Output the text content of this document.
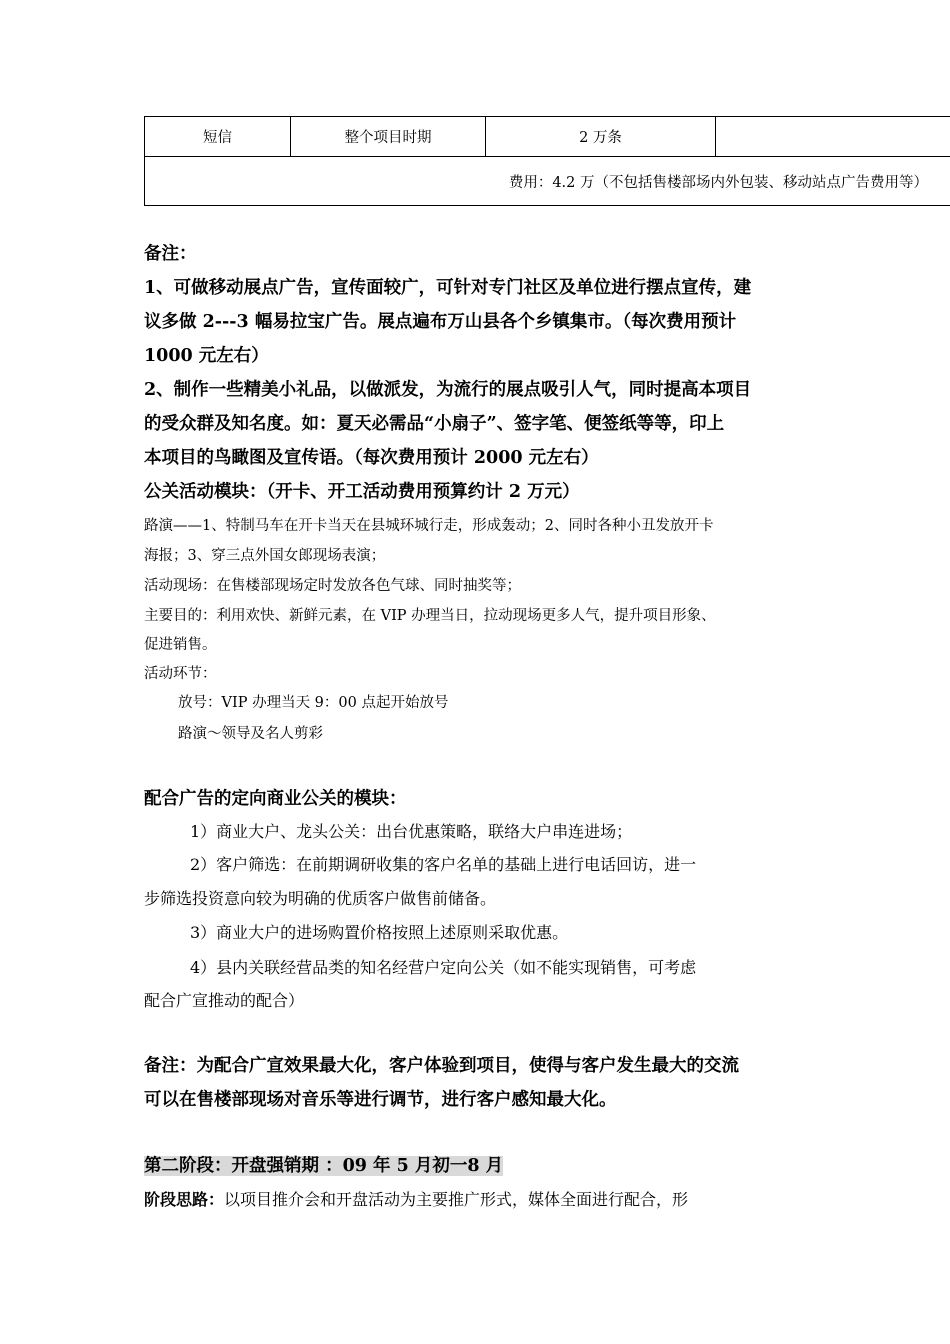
短信	整个项目时期	2 万条	
费用：4.2 万（不包括售楼部场内外包装、移动站点广告费用等）
备注：
1、可做移动展点广告，宣传面较广，可针对专门社区及单位进行摆点宣传，建
议多做 2---3 幅易拉宝广告。展点遍布万山县各个乡镇集市。（每次费用预计
1000 元左右）
2、制作一些精美小礼品，以做派发，为流行的展点吸引人气，同时提高本项目
的受众群及知名度。如：夏天必需品“小扇子”、签字笔、便签纸等等，印上
本项目的鸟瞰图及宣传语。（每次费用预计 2000 元左右）
公关活动模块：（开卡、开工活动费用预算约计 2 万元）
路演——1、特制马车在开卡当天在县城环城行走，形成轰动；2、同时各种小丑发放开卡
海报；3、穿三点外国女郎现场表演；
活动现场：在售楼部现场定时发放各色气球、同时抽奖等；
主要目的：利用欢快、新鲜元素，在 VIP 办理当日，拉动现场更多人气，提升项目形象、
促进销售。
活动环节：
放号：VIP 办理当天 9：00 点起开始放号
路演～领导及名人剪彩
配合广告的定向商业公关的模块：
1）商业大户、龙头公关：出台优惠策略，联络大户串连进场；
2）客户筛选：在前期调研收集的客户名单的基础上进行电话回访，进一
步筛选投资意向较为明确的优质客户做售前储备。
3）商业大户的进场购置价格按照上述原则采取优惠。
4）县内关联经营品类的知名经营户定向公关（如不能实现销售，可考虑
配合广宣推动的配合）
备注：为配合广宣效果最大化，客户体验到项目，使得与客户发生最大的交流
可以在售楼部现场对音乐等进行调节，进行客户感知最大化。
第二阶段：开盘强销期 ：09 年 5 月初一8 月
阶段思路：以项目推介会和开盘活动为主要推广形式，媒体全面进行配合，形
